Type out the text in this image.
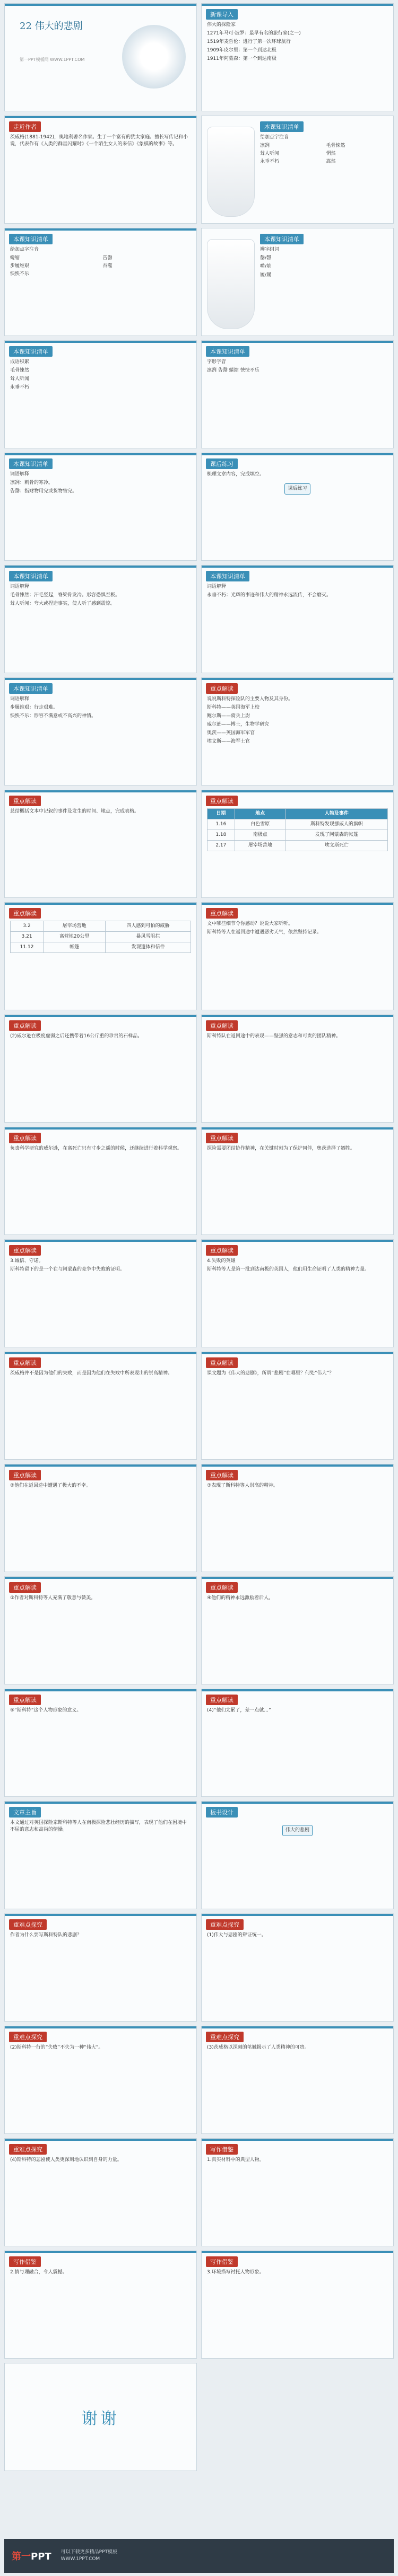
22 伟大的悲剧
第一PPT模板网 WWW.1PPT.COM
新课导入

伟大的探险家

1271年马可·波罗：最早有名的旅行家(之一)

1519年麦哲伦：进行了第一次环球航行

1909年皮尔里：第一个到达北极

1911年阿蒙森：第一个到达南极

走近作者

茨威格(1881-1942)，奥地利著名作家。生于一个富有的犹太家庭。擅长写传记和小说，代表作有《人类的群星闪耀时》《一个陌生女人的来信》《象棋的故事》等。

本课知识清单

给加点字注音

凛冽	毛骨悚然
耸人听闻	惘然
永垂不朽	嵩然
本课知识清单

给加点字注音

蜷缩	告罄
步履维艰	吞噬
怏怏不乐
本课知识清单

辨字组词

罄/磬

噬/筮

履/屦

本课知识清单

成语积累

毛骨悚然

耸人听闻

永垂不朽

本课知识清单

字形字音

凛冽 告罄 蜷缩 怏怏不乐

本课知识清单

词语解释

凛冽：刺骨的寒冷。

告罄：指财物用完或货物售完。

课后练习

梳理文章内容，完成填空。

课后练习
本课知识清单

词语解释

毛骨悚然：汗毛竖起，脊梁骨发冷。形容恐惧至极。

耸人听闻：夸大或捏造事实，使人听了感到震惊。

本课知识清单

词语解释

永垂不朽：光辉的事迹和伟大的精神永远流传，不会磨灭。

本课知识清单

词语解释

步履维艰：行走艰难。

怏怏不乐：形容不满意或不高兴的神情。

重点解读

说说斯科特探险队的主要人物及其身份。

斯科特——英国海军上校

鲍尔斯——骑兵上尉

威尔逊——博士，生物学研究

奥茨——英国海军军官

埃文斯——海军士官

重点解读

总结概括文本中记叙的事件及发生的时间、地点，完成表格。

重点解读
日期	地点	人物及事件
1.16	白色雪原	斯科特发现挪威人的旗帜
1.18	南极点	发现了阿蒙森的帐篷
2.17	屠宰场营地	埃文斯死亡
重点解读
3.2	屠宰场营地	四人感到可怕的威胁
3.21	离营地20公里	暴风雪阻拦
11.12	帐篷	发现遗体和信件
重点解读

文中哪些细节令你感动？说说大家听听。

斯科特等人在返回途中遭遇恶劣天气，依然坚持记录。

重点解读

(2)威尔逊在极度虚弱之后还携带着16公斤重的珍贵的石样品。

重点解读

斯科特队在返回途中的表现——坚强的意志和可贵的团队精神。

重点解读

负责科学研究的威尔逊，在离死亡只有寸步之遥的时候，还继续进行着科学观察。

重点解读

探险需要团结协作精神，在关键时刻为了保护同伴，奥茨选择了牺牲。

重点解读

3.诚信、守诺。

斯科特留下的是一个在与阿蒙森的竞争中失败的证明。

重点解读

4.失败的英雄

斯科特等人是第一批到达南极的英国人，他们用生命证明了人类的精神力量。

重点解读

茨威格并不是因为他们的失败，而是因为他们在失败中所表现出的崇高精神。

重点解读

课文题为《伟大的悲剧》，所谓“悲剧”在哪里？何处“伟大”？

重点解读

②他们在返回途中遭遇了极大的不幸。

重点解读

③表现了斯科特等人崇高的精神。

重点解读

③作者对斯科特等人充满了敬意与赞美。

重点解读

④他们的精神永远激励着后人。

重点解读

⑤“斯科特”这个人物形象的意义。

重点解读

(4)“他们太累了，差一点就...”

文章主旨

本文通过对英国探险家斯科特等人在南极探险悲壮经历的描写，表现了他们在困境中不屈的意志和高尚的情操。

板书设计
伟大的悲剧
重难点探究

作者为什么要写斯科特队的悲剧？

重难点探究

(1)伟大与悲剧的辩证统一。

重难点探究

(2)斯科特一行的“失败”不失为一种“伟大”。

重难点探究

(3)茨威格以深刻的笔触揭示了人类精神的可贵。

重难点探究

(4)斯科特的悲剧使人类更深刻地认识到自身的力量。

写作借鉴

1.真实材料中的典型人物。

写作借鉴

2.情与理融合，令人震撼。

写作借鉴

3.环境描写衬托人物形象。

谢谢
第一PPT 可以下载更多精品PPT模板
WWW.1PPT.COM
